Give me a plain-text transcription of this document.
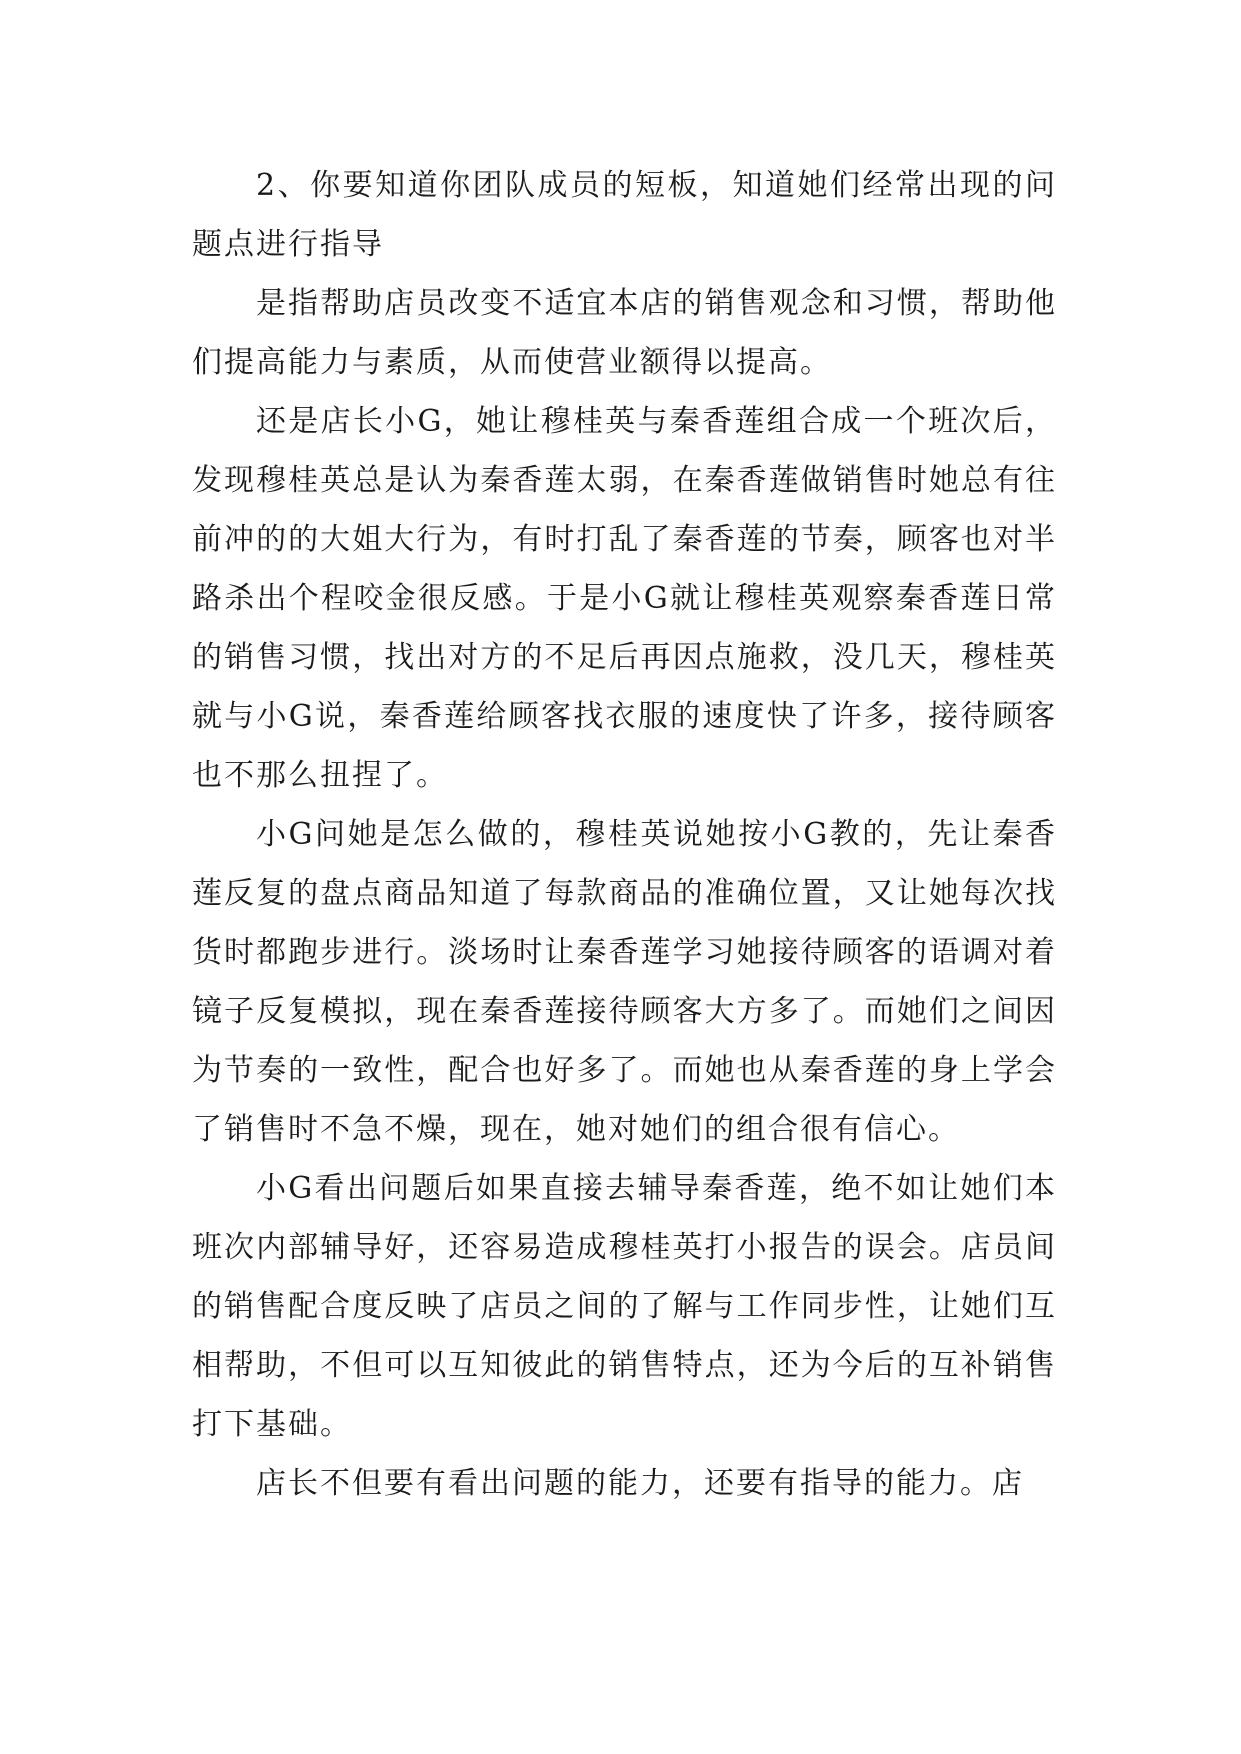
2、你要知道你团队成员的短板，知道她们经常出现的问题点进行指导

是指帮助店员改变不适宜本店的销售观念和习惯，帮助他们提高能力与素质，从而使营业额得以提高。

还是店长小G，她让穆桂英与秦香莲组合成一个班次后，发现穆桂英总是认为秦香莲太弱，在秦香莲做销售时她总有往前冲的的大姐大行为，有时打乱了秦香莲的节奏，顾客也对半路杀出个程咬金很反感。于是小G就让穆桂英观察秦香莲日常的销售习惯，找出对方的不足后再因点施救，没几天，穆桂英就与小G说，秦香莲给顾客找衣服的速度快了许多，接待顾客也不那么扭捏了。

小G问她是怎么做的，穆桂英说她按小G教的，先让秦香莲反复的盘点商品知道了每款商品的准确位置，又让她每次找货时都跑步进行。淡场时让秦香莲学习她接待顾客的语调对着镜子反复模拟，现在秦香莲接待顾客大方多了。而她们之间因为节奏的一致性，配合也好多了。而她也从秦香莲的身上学会了销售时不急不燥，现在，她对她们的组合很有信心。

小G看出问题后如果直接去辅导秦香莲，绝不如让她们本班次内部辅导好，还容易造成穆桂英打小报告的误会。店员间的销售配合度反映了店员之间的了解与工作同步性，让她们互相帮助，不但可以互知彼此的销售特点，还为今后的互补销售打下基础。

店长不但要有看出问题的能力，还要有指导的能力。店
